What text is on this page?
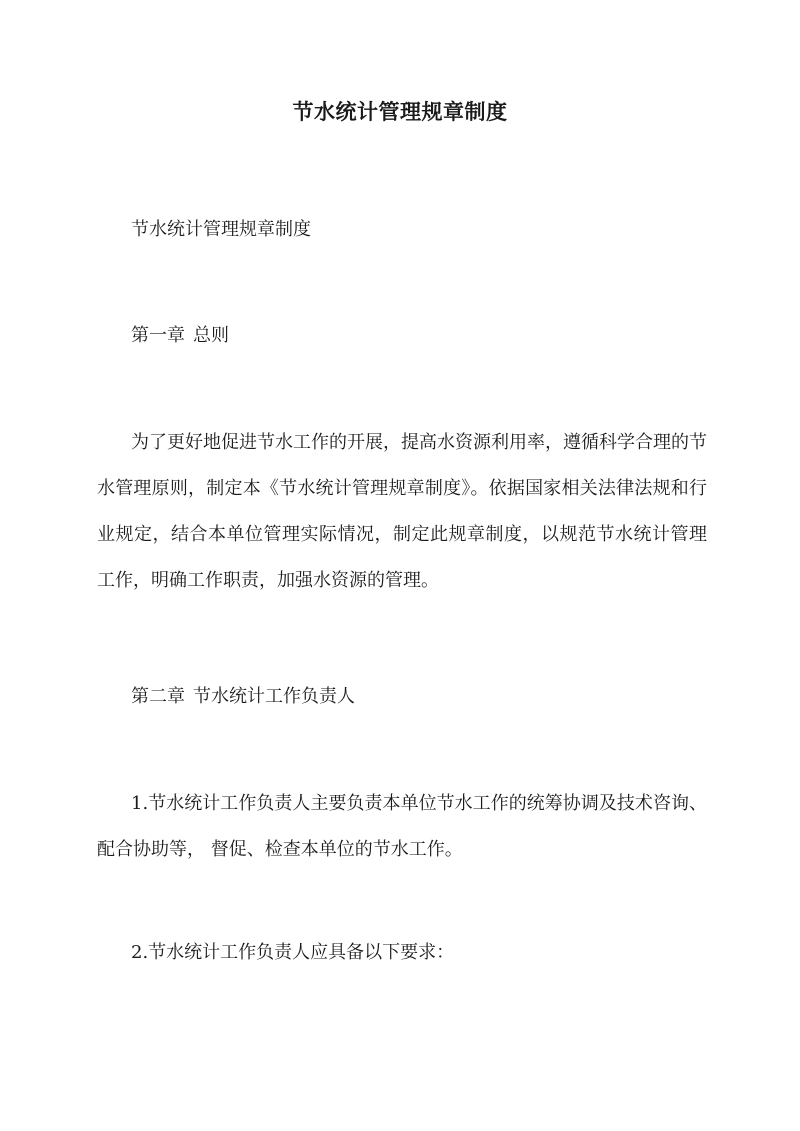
节水统计管理规章制度

节水统计管理规章制度

第一章 总则

为了更好地促进节水工作的开展，提高水资源利用率，遵循科学合理的节水管理原则，制定本《节水统计管理规章制度》。依据国家相关法律法规和行业规定，结合本单位管理实际情况，制定此规章制度，以规范节水统计管理工作，明确工作职责，加强水资源的管理。

第二章 节水统计工作负责人

1.节水统计工作负责人主要负责本单位节水工作的统筹协调及技术咨询、配合协助等， 督促、检查本单位的节水工作。

2.节水统计工作负责人应具备以下要求：
